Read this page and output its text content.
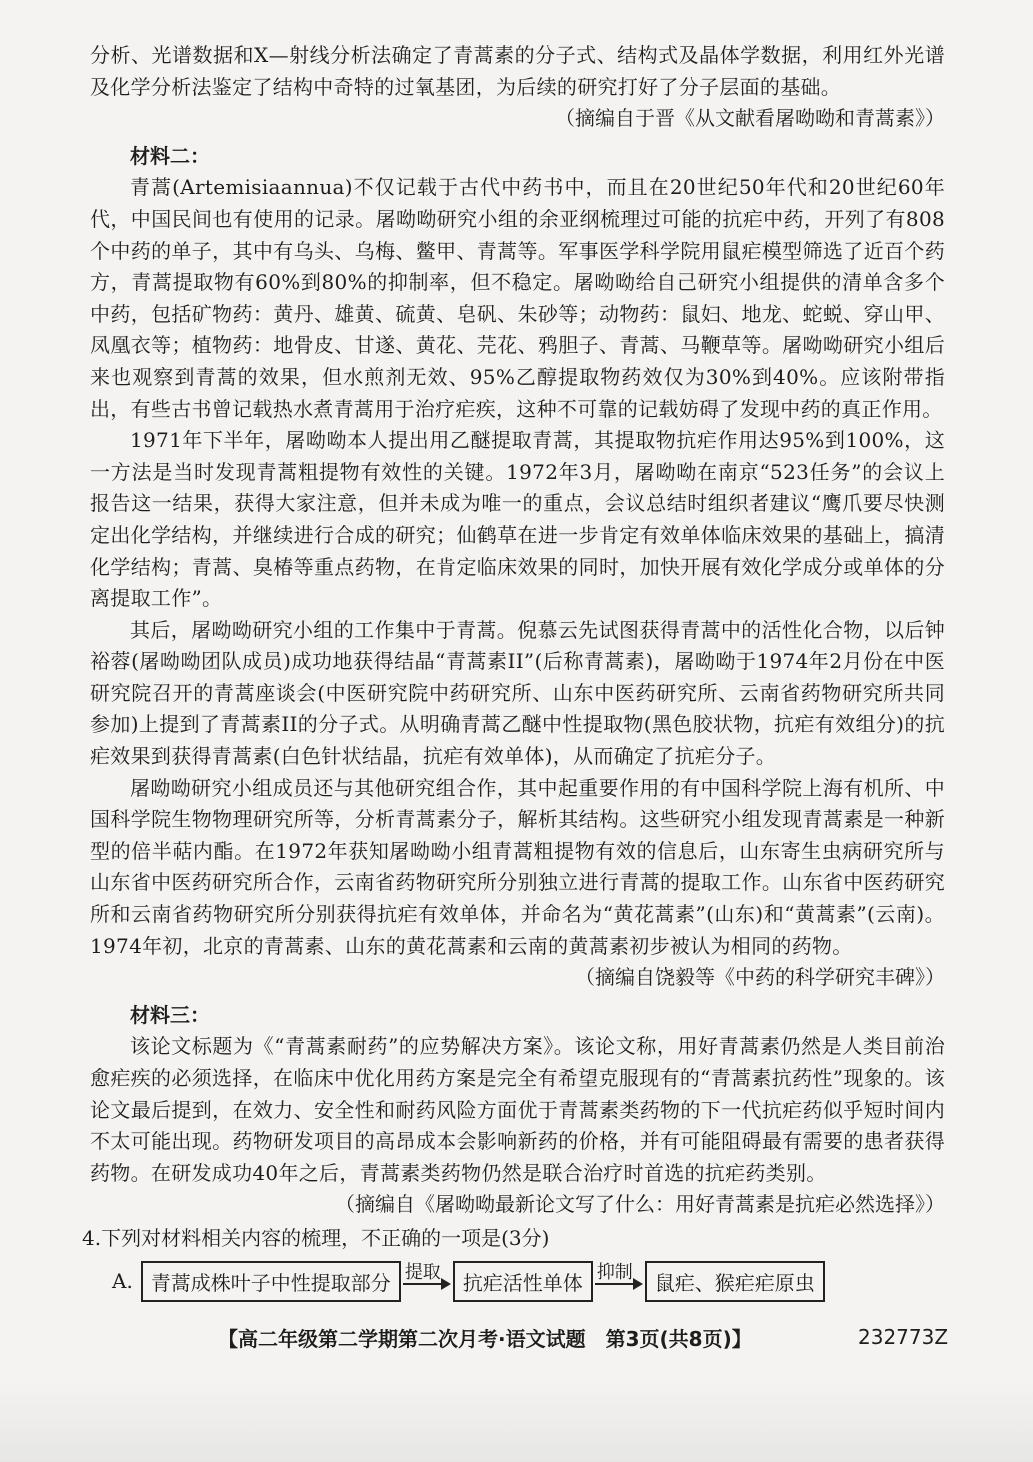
分析、光谱数据和X—射线分析法确定了青蒿素的分子式、结构式及晶体学数据，利用红外光谱及化学分析法鉴定了结构中奇特的过氧基团，为后续的研究打好了分子层面的基础。

（摘编自于晋《从文献看屠呦呦和青蒿素》）

材料二：

青蒿(Artemisiaannua)不仅记载于古代中药书中，而且在20世纪50年代和20世纪60年代，中国民间也有使用的记录。屠呦呦研究小组的余亚纲梳理过可能的抗疟中药，开列了有808个中药的单子，其中有乌头、乌梅、鳖甲、青蒿等。军事医学科学院用鼠疟模型筛选了近百个药方，青蒿提取物有60%到80%的抑制率，但不稳定。屠呦呦给自己研究小组提供的清单含多个中药，包括矿物药：黄丹、雄黄、硫黄、皂矾、朱砂等；动物药：鼠妇、地龙、蛇蜕、穿山甲、凤凰衣等；植物药：地骨皮、甘遂、黄花、芫花、鸦胆子、青蒿、马鞭草等。屠呦呦研究小组后来也观察到青蒿的效果，但水煎剂无效、95%乙醇提取物药效仅为30%到40%。应该附带指出，有些古书曾记载热水煮青蒿用于治疗疟疾，这种不可靠的记载妨碍了发现中药的真正作用。

1971年下半年，屠呦呦本人提出用乙醚提取青蒿，其提取物抗疟作用达95%到100%，这一方法是当时发现青蒿粗提物有效性的关键。1972年3月，屠呦呦在南京“523任务”的会议上报告这一结果，获得大家注意，但并未成为唯一的重点，会议总结时组织者建议“鹰爪要尽快测定出化学结构，并继续进行合成的研究；仙鹤草在进一步肯定有效单体临床效果的基础上，搞清化学结构；青蒿、臭椿等重点药物，在肯定临床效果的同时，加快开展有效化学成分或单体的分离提取工作”。

其后，屠呦呦研究小组的工作集中于青蒿。倪慕云先试图获得青蒿中的活性化合物，以后钟裕蓉(屠呦呦团队成员)成功地获得结晶“青蒿素II”(后称青蒿素)，屠呦呦于1974年2月份在中医研究院召开的青蒿座谈会(中医研究院中药研究所、山东中医药研究所、云南省药物研究所共同参加)上提到了青蒿素II的分子式。从明确青蒿乙醚中性提取物(黑色胶状物，抗疟有效组分)的抗疟效果到获得青蒿素(白色针状结晶，抗疟有效单体)，从而确定了抗疟分子。

屠呦呦研究小组成员还与其他研究组合作，其中起重要作用的有中国科学院上海有机所、中国科学院生物物理研究所等，分析青蒿素分子，解析其结构。这些研究小组发现青蒿素是一种新型的倍半萜内酯。在1972年获知屠呦呦小组青蒿粗提物有效的信息后，山东寄生虫病研究所与山东省中医药研究所合作，云南省药物研究所分别独立进行青蒿的提取工作。山东省中医药研究所和云南省药物研究所分别获得抗疟有效单体，并命名为“黄花蒿素”(山东)和“黄蒿素”(云南)。1974年初，北京的青蒿素、山东的黄花蒿素和云南的黄蒿素初步被认为相同的药物。

（摘编自饶毅等《中药的科学研究丰碑》）

材料三：

该论文标题为《“青蒿素耐药”的应势解决方案》。该论文称，用好青蒿素仍然是人类目前治愈疟疾的必须选择，在临床中优化用药方案是完全有希望克服现有的“青蒿素抗药性”现象的。该论文最后提到，在效力、安全性和耐药风险方面优于青蒿素类药物的下一代抗疟药似乎短时间内不太可能出现。药物研发项目的高昂成本会影响新药的价格，并有可能阻碍最有需要的患者获得药物。在研发成功40年之后，青蒿素类药物仍然是联合治疗时首选的抗疟药类别。

（摘编自《屠呦呦最新论文写了什么：用好青蒿素是抗疟必然选择》）

4.下列对材料相关内容的梳理，不正确的一项是(3分)

A. 青蒿成株叶子中性提取部分 提取	抗疟活性单体 抑制	鼠疟、猴疟疟原虫
【高二年级第二学期第二次月考·语文试题　第3页(共8页)】	232773Z
